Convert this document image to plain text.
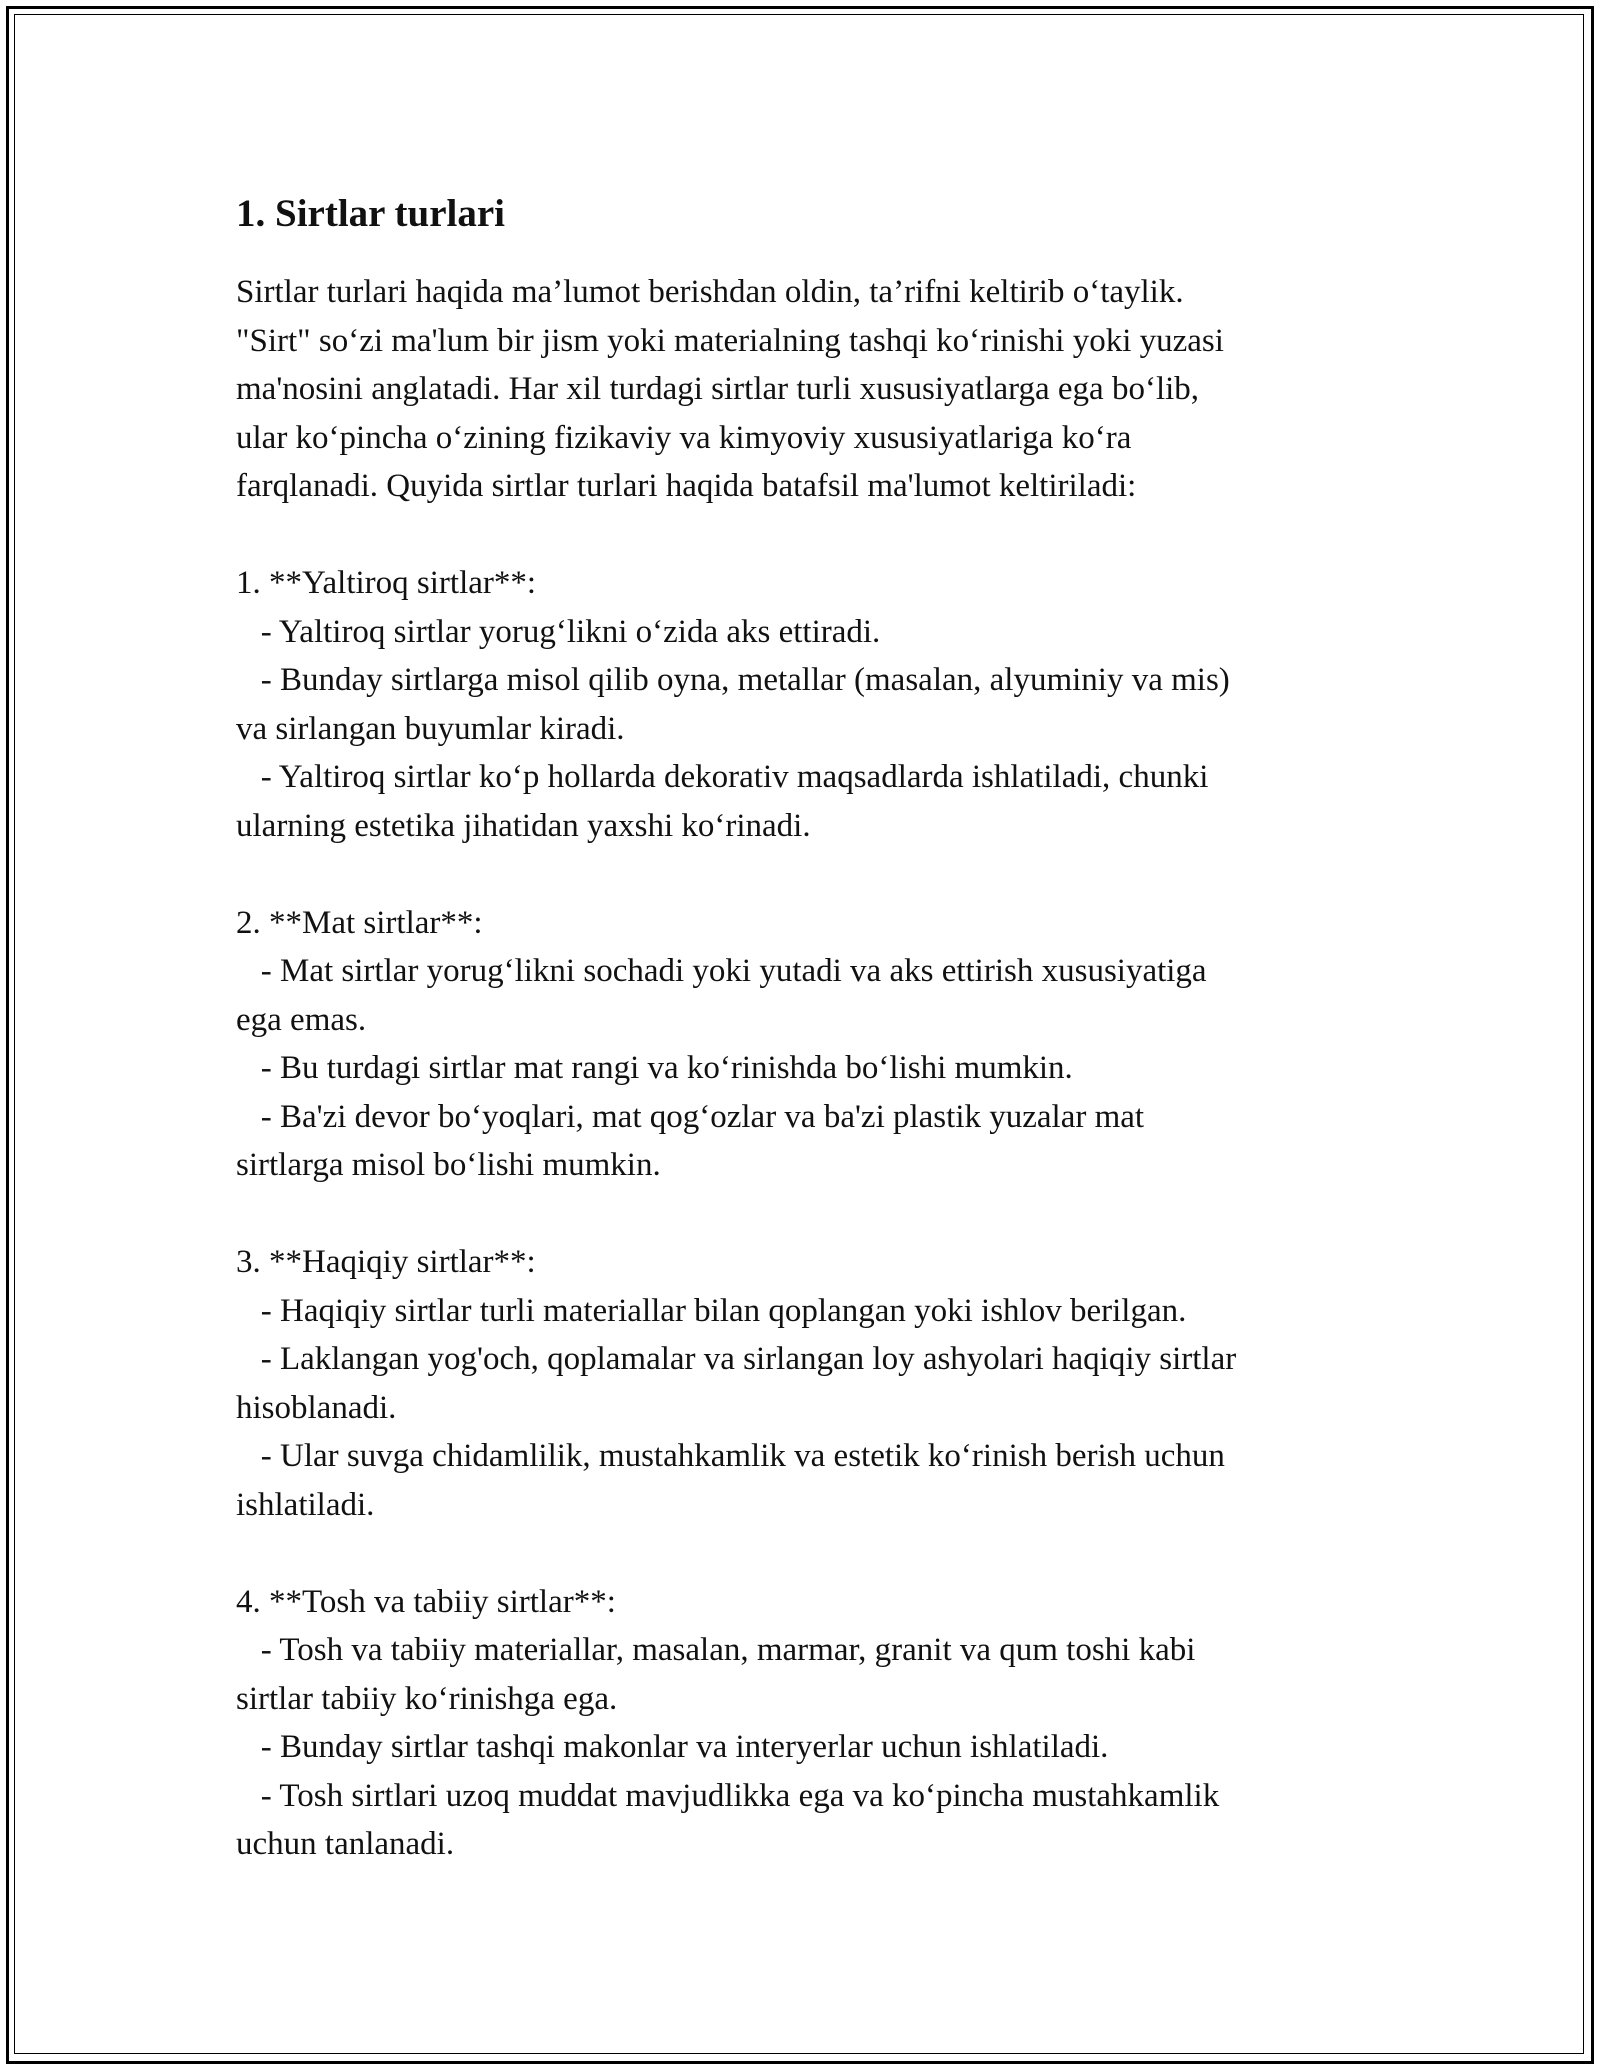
1. Sirtlar turlari
Sirtlar turlari haqida ma’lumot berishdan oldin, ta’rifni keltirib o‘taylik.
"Sirt" so‘zi ma'lum bir jism yoki materialning tashqi ko‘rinishi yoki yuzasi
ma'nosini anglatadi. Har xil turdagi sirtlar turli xususiyatlarga ega bo‘lib,
ular ko‘pincha o‘zining fizikaviy va kimyoviy xususiyatlariga ko‘ra
farqlanadi. Quyida sirtlar turlari haqida batafsil ma'lumot keltiriladi:
1. **Yaltiroq sirtlar**:
- Yaltiroq sirtlar yorug‘likni o‘zida aks ettiradi.
- Bunday sirtlarga misol qilib oyna, metallar (masalan, alyuminiy va mis)
va sirlangan buyumlar kiradi.
- Yaltiroq sirtlar ko‘p hollarda dekorativ maqsadlarda ishlatiladi, chunki
ularning estetika jihatidan yaxshi ko‘rinadi.
2. **Mat sirtlar**:
- Mat sirtlar yorug‘likni sochadi yoki yutadi va aks ettirish xususiyatiga
ega emas.
- Bu turdagi sirtlar mat rangi va ko‘rinishda bo‘lishi mumkin.
- Ba'zi devor bo‘yoqlari, mat qog‘ozlar va ba'zi plastik yuzalar mat
sirtlarga misol bo‘lishi mumkin.
3. **Haqiqiy sirtlar**:
- Haqiqiy sirtlar turli materiallar bilan qoplangan yoki ishlov berilgan.
- Laklangan yog'och, qoplamalar va sirlangan loy ashyolari haqiqiy sirtlar
hisoblanadi.
- Ular suvga chidamlilik, mustahkamlik va estetik ko‘rinish berish uchun
ishlatiladi.
4. **Tosh va tabiiy sirtlar**:
- Tosh va tabiiy materiallar, masalan, marmar, granit va qum toshi kabi
sirtlar tabiiy ko‘rinishga ega.
- Bunday sirtlar tashqi makonlar va interyerlar uchun ishlatiladi.
- Tosh sirtlari uzoq muddat mavjudlikka ega va ko‘pincha mustahkamlik
uchun tanlanadi.
